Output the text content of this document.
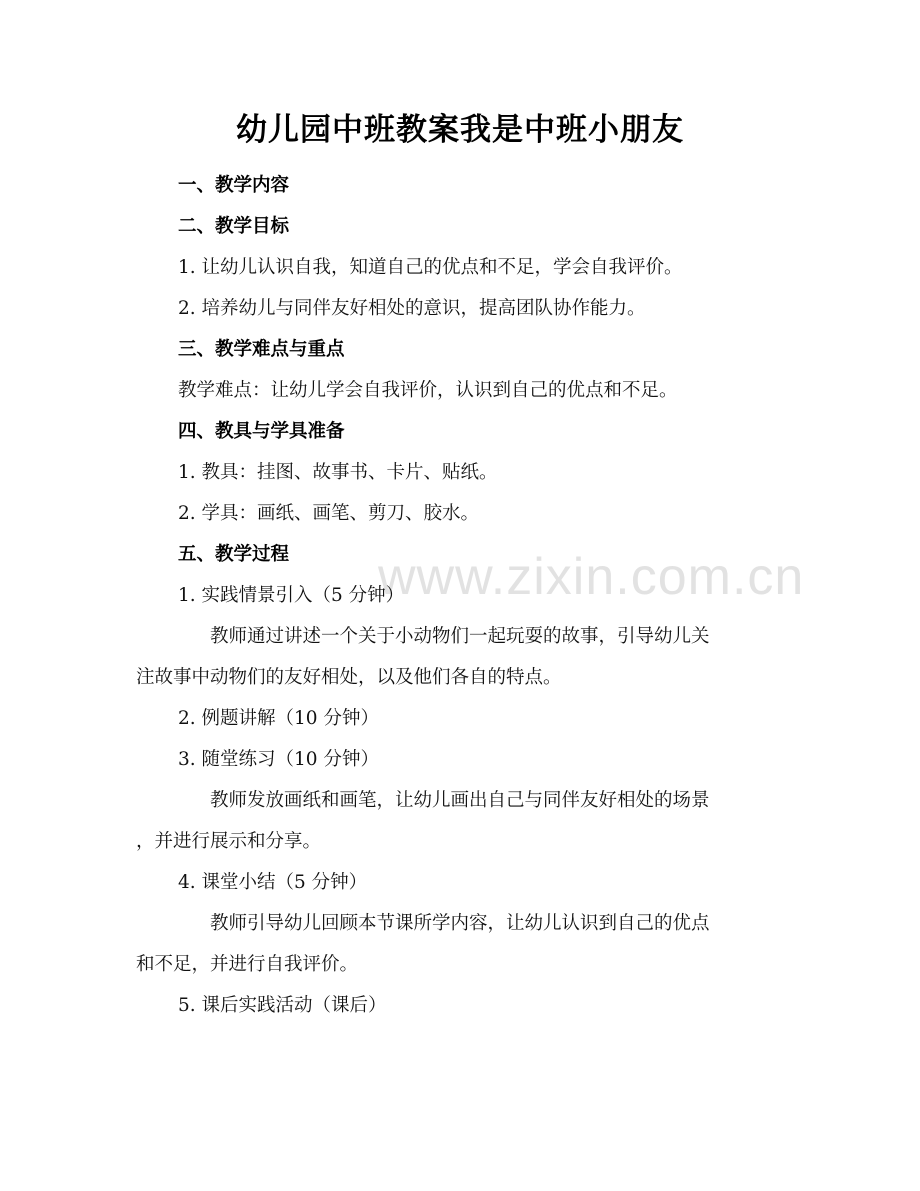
幼儿园中班教案我是中班小朋友
www.zixin.com.cn
一、教学内容
二、教学目标
1. 让幼儿认识自我，知道自己的优点和不足，学会自我评价。
2. 培养幼儿与同伴友好相处的意识，提高团队协作能力。
三、教学难点与重点
教学难点：让幼儿学会自我评价，认识到自己的优点和不足。
四、教具与学具准备
1. 教具：挂图、故事书、卡片、贴纸。
2. 学具：画纸、画笔、剪刀、胶水。
五、教学过程
1. 实践情景引入（5 分钟）
教师通过讲述一个关于小动物们一起玩耍的故事，引导幼儿关
注故事中动物们的友好相处，以及他们各自的特点。
2. 例题讲解（10 分钟）
3. 随堂练习（10 分钟）
教师发放画纸和画笔，让幼儿画出自己与同伴友好相处的场景
，并进行展示和分享。
4. 课堂小结（5 分钟）
教师引导幼儿回顾本节课所学内容，让幼儿认识到自己的优点
和不足，并进行自我评价。
5. 课后实践活动（课后）
